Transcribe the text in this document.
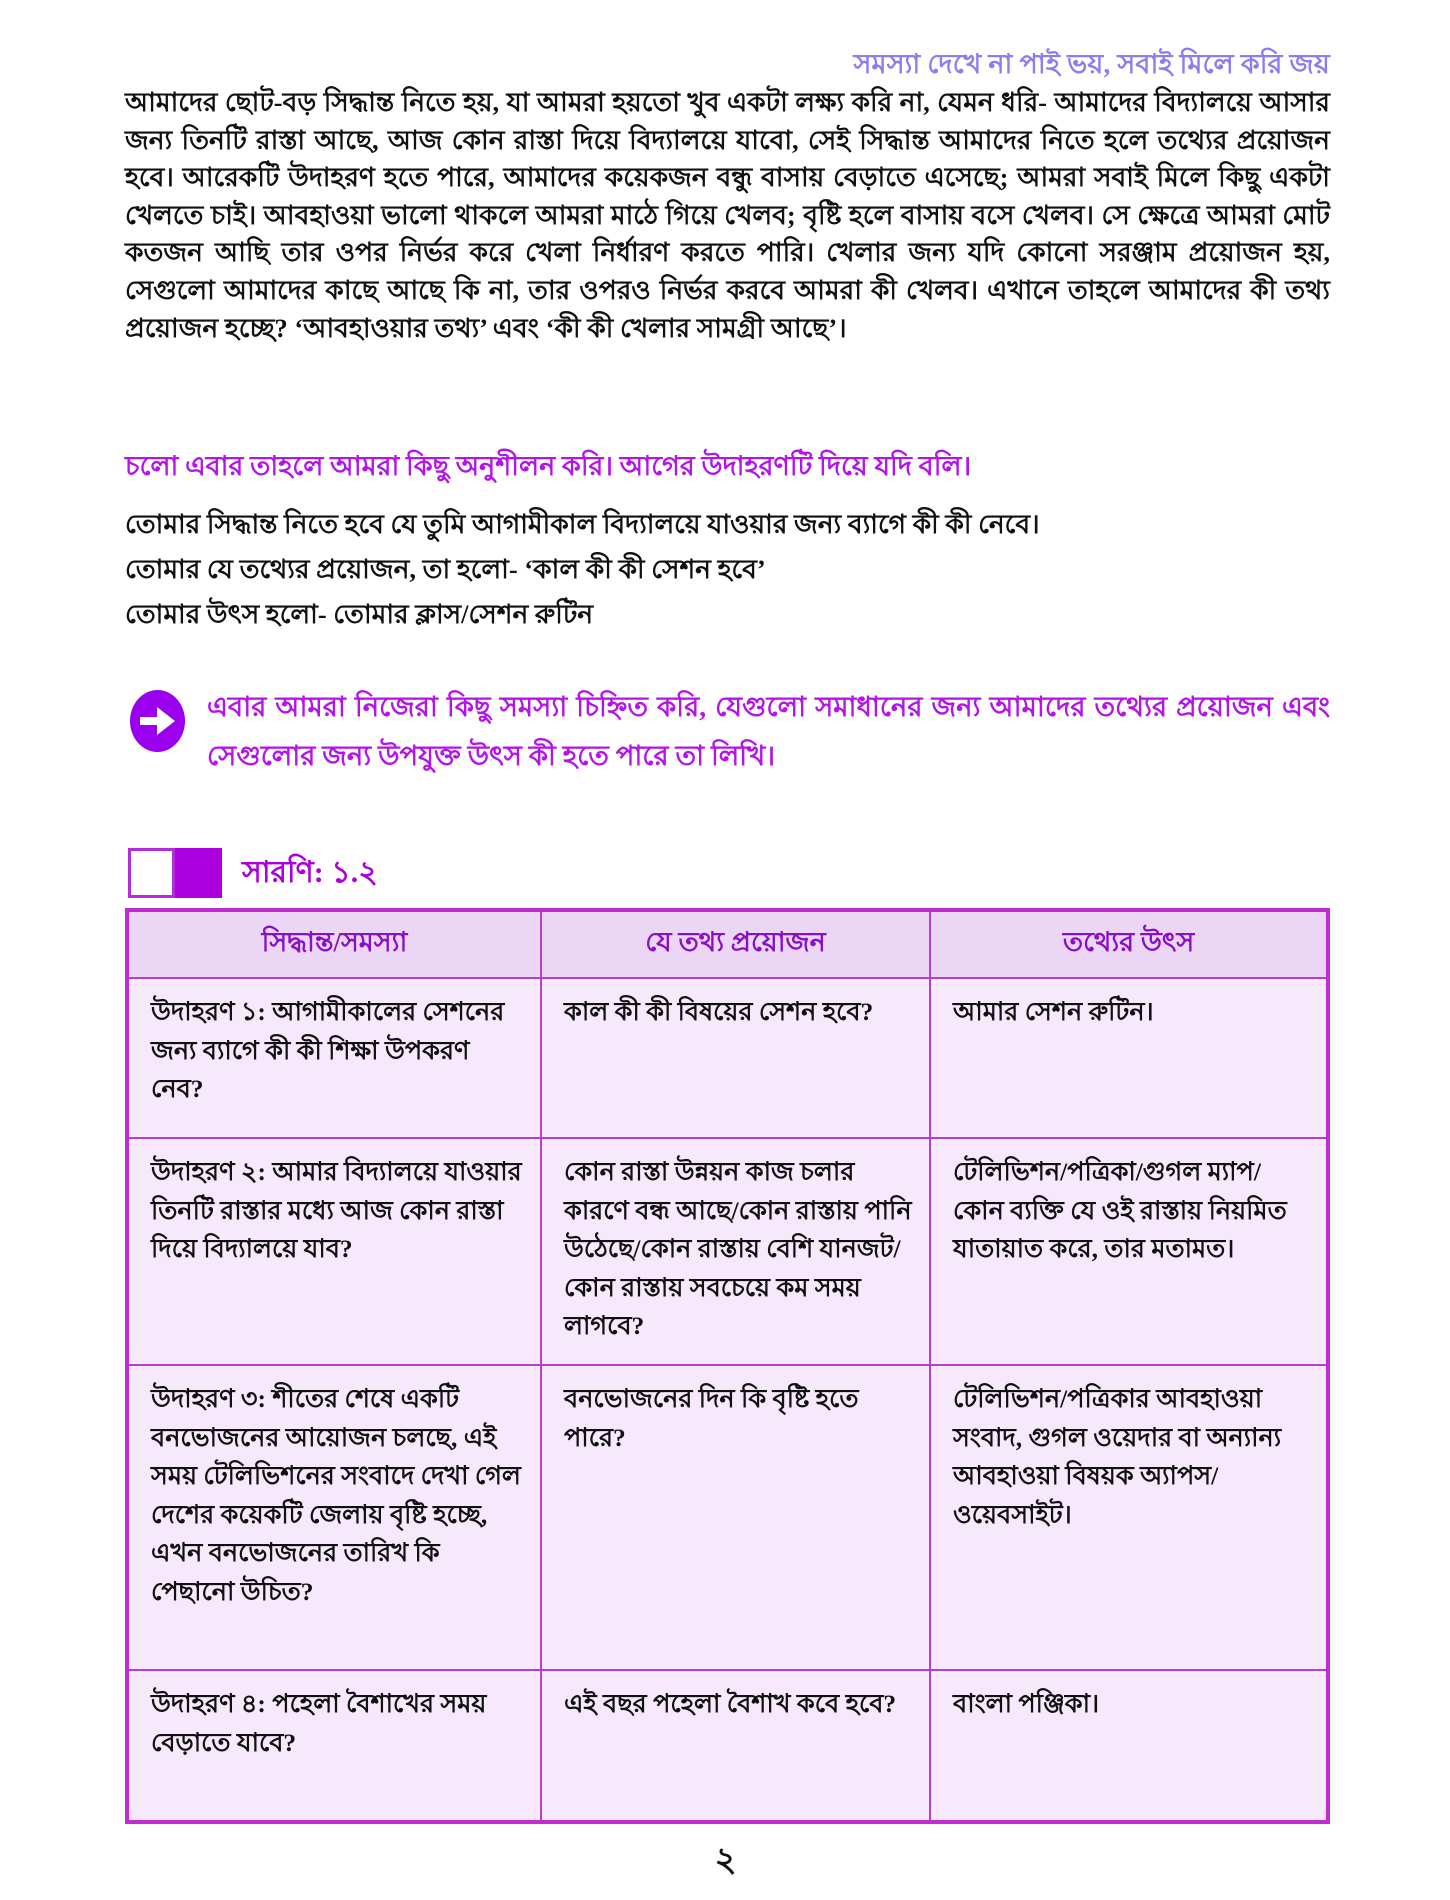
সমস্যা দেখে না পাই ভয়, সবাই মিলে করি জয়
আমাদের ছোট-বড় সিদ্ধান্ত নিতে হয়, যা আমরা হয়তো খুব একটা লক্ষ্য করি না, যেমন ধরি- আমাদের বিদ্যালয়ে আসার জন্য তিনটি রাস্তা আছে, আজ কোন রাস্তা দিয়ে বিদ্যালয়ে যাবো, সেই সিদ্ধান্ত আমাদের নিতে হলে তথ্যের প্রয়োজন হবে। আরেকটি উদাহরণ হতে পারে, আমাদের কয়েকজন বন্ধু বাসায় বেড়াতে এসেছে; আমরা সবাই মিলে কিছু একটা খেলতে চাই। আবহাওয়া ভালো থাকলে আমরা মাঠে গিয়ে খেলব; বৃষ্টি হলে বাসায় বসে খেলব। সে ক্ষেত্রে আমরা মোট কতজন আছি তার ওপর নির্ভর করে খেলা নির্ধারণ করতে পারি। খেলার জন্য যদি কোনো সরঞ্জাম প্রয়োজন হয়, সেগুলো আমাদের কাছে আছে কি না, তার ওপরও নির্ভর করবে আমরা কী খেলব। এখানে তাহলে আমাদের কী তথ্য প্রয়োজন হচ্ছে? ‘আবহাওয়ার তথ্য’ এবং ‘কী কী খেলার সামগ্রী আছে’।
চলো এবার তাহলে আমরা কিছু অনুশীলন করি। আগের উদাহরণটি দিয়ে যদি বলি।
তোমার সিদ্ধান্ত নিতে হবে যে তুমি আগামীকাল বিদ্যালয়ে যাওয়ার জন্য ব্যাগে কী কী নেবে।
তোমার যে তথ্যের প্রয়োজন, তা হলো- ‘কাল কী কী সেশন হবে’
তোমার উৎস হলো- তোমার ক্লাস/সেশন রুটিন
এবার আমরা নিজেরা কিছু সমস্যা চিহ্নিত করি, যেগুলো সমাধানের জন্য আমাদের তথ্যের প্রয়োজন এবং সেগুলোর জন্য উপযুক্ত উৎস কী হতে পারে তা লিখি।
সারণি: ১.২
সিদ্ধান্ত/সমস্যা	যে তথ্য প্রয়োজন	তথ্যের উৎস
উদাহরণ ১: আগামীকালের সেশনের জন্য ব্যাগে কী কী শিক্ষা উপকরণ নেব?	কাল কী কী বিষয়ের সেশন হবে?	আমার সেশন রুটিন।
উদাহরণ ২: আমার বিদ্যালয়ে যাওয়ার তিনটি রাস্তার মধ্যে আজ কোন রাস্তা দিয়ে বিদ্যালয়ে যাব?	কোন রাস্তা উন্নয়ন কাজ চলার কারণে বন্ধ আছে/কোন রাস্তায় পানি উঠেছে/কোন রাস্তায় বেশি যানজট/কোন রাস্তায় সবচেয়ে কম সময় লাগবে?	টেলিভিশন/পত্রিকা/গুগল ম্যাপ/ কোন ব্যক্তি যে ওই রাস্তায় নিয়মিত যাতায়াত করে, তার মতামত।
উদাহরণ ৩: শীতের শেষে একটি বনভোজনের আয়োজন চলছে, এই সময় টেলিভিশনের সংবাদে দেখা গেল দেশের কয়েকটি জেলায় বৃষ্টি হচ্ছে, এখন বনভোজনের তারিখ কি পেছানো উচিত?	বনভোজনের দিন কি বৃষ্টি হতে পারে?	টেলিভিশন/পত্রিকার আবহাওয়া সংবাদ, গুগল ওয়েদার বা অন্যান্য আবহাওয়া বিষয়ক অ্যাপস/ওয়েবসাইট।
উদাহরণ ৪: পহেলা বৈশাখের সময় বেড়াতে যাবে?	এই বছর পহেলা বৈশাখ কবে হবে?	বাংলা পঞ্জিকা।
২
